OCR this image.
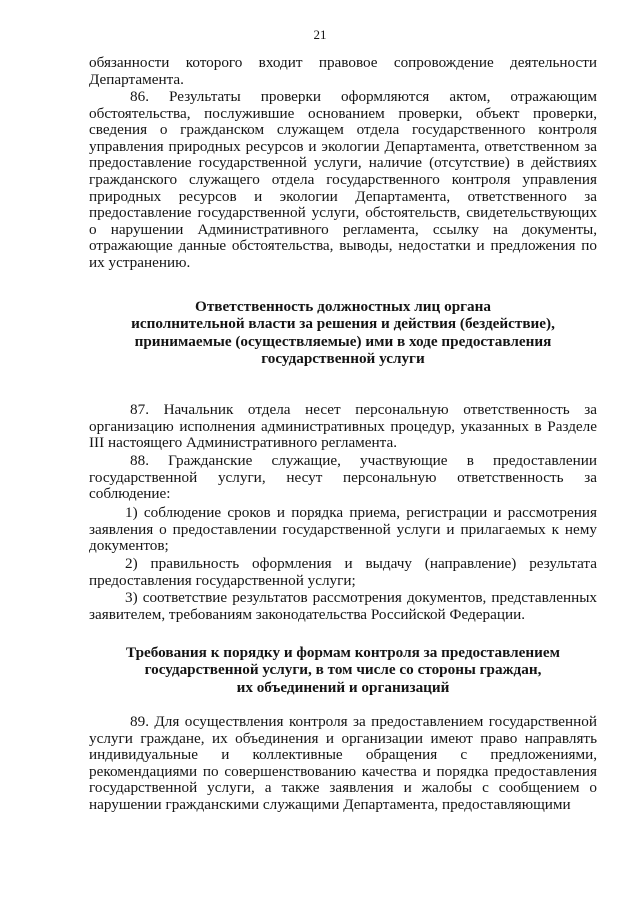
21
обязанности которого входит правовое сопровождение деятельности Департамента.
86. Результаты проверки оформляются актом, отражающим обстоятельства, послужившие основанием проверки, объект проверки, сведения о гражданском служащем отдела государственного контроля управления природных ресурсов и экологии Департамента, ответственном за предоставление государственной услуги, наличие (отсутствие) в действиях гражданского служащего отдела государственного контроля управления природных ресурсов и экологии Департамента, ответственного за предоставление государственной услуги, обстоятельств, свидетельствующих о нарушении Административного регламента, ссылку на документы, отражающие данные обстоятельства, выводы, недостатки и предложения по их устранению.
Ответственность должностных лиц органа
исполнительной власти за решения и действия (бездействие),
принимаемые (осуществляемые) ими в ходе предоставления
государственной услуги
87. Начальник отдела несет персональную ответственность за организацию исполнения административных процедур, указанных в Разделе III настоящего Административного регламента.
88. Гражданские служащие, участвующие в предоставлении государственной услуги, несут персональную ответственность за соблюдение:
1) соблюдение сроков и порядка приема, регистрации и рассмотрения заявления о предоставлении государственной услуги и прилагаемых к нему документов;
2) правильность оформления и выдачу (направление) результата предоставления государственной услуги;
3) соответствие результатов рассмотрения документов, представленных заявителем, требованиям законодательства Российской Федерации.
Требования к порядку и формам контроля за предоставлением
государственной услуги, в том числе со стороны граждан,
их объединений и организаций
89. Для осуществления контроля за предоставлением государственной услуги граждане, их объединения и организации имеют право направлять индивидуальные и коллективные обращения с предложениями, рекомендациями по совершенствованию качества и порядка предоставления государственной услуги, а также заявления и жалобы с сообщением о нарушении гражданскими служащими Департамента, предоставляющими
